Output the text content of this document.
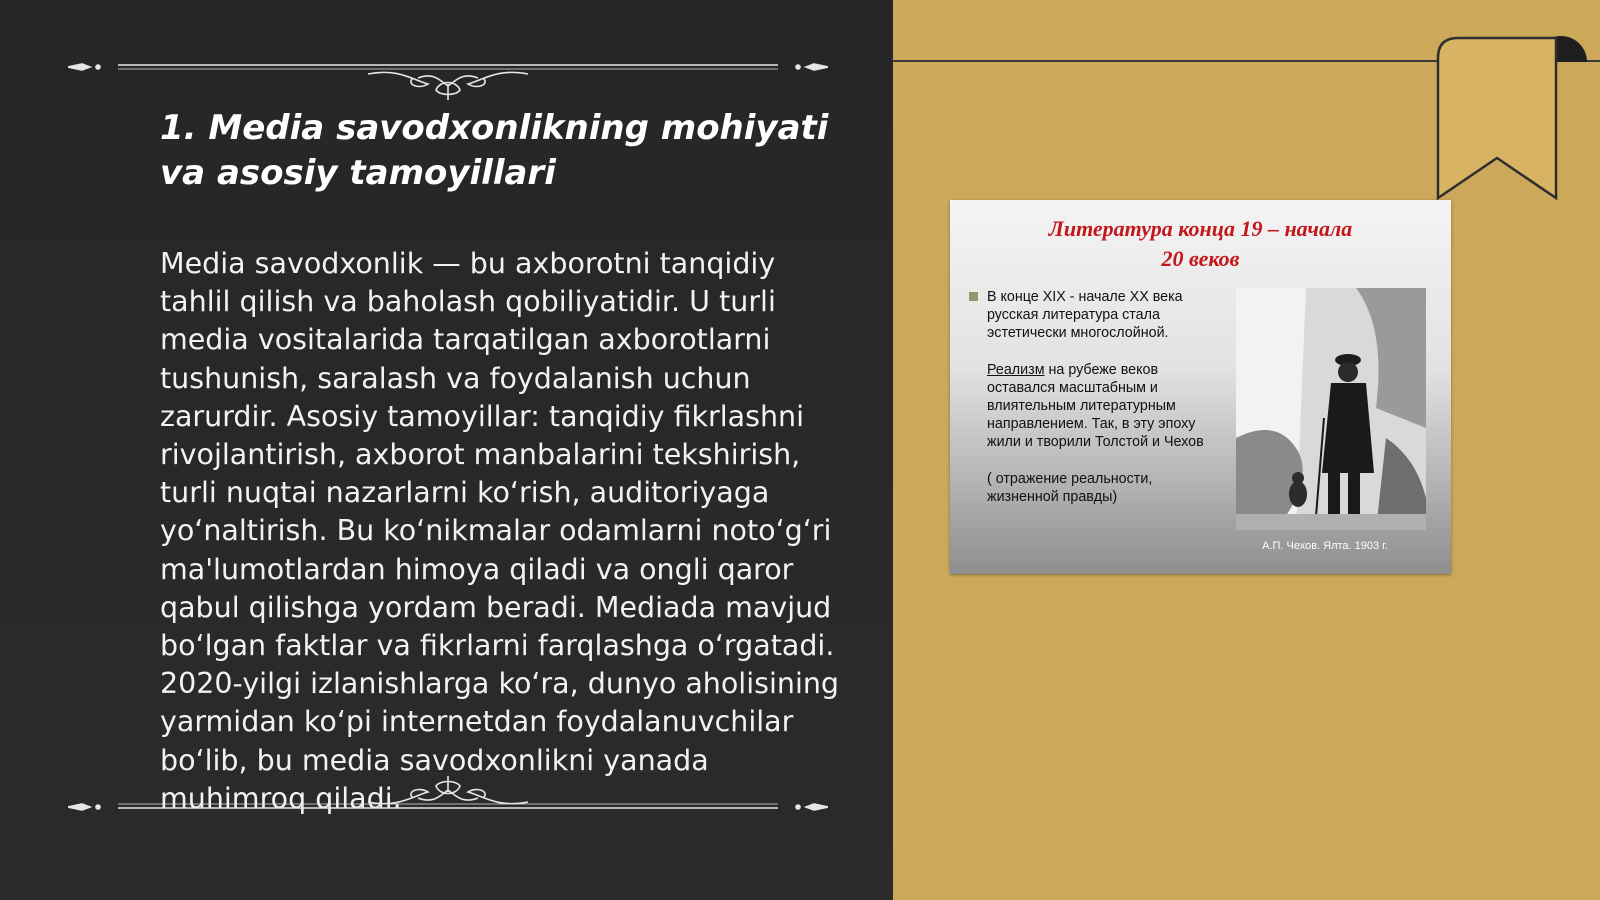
1. Media savodxonlikning mohiyati va asosiy tamoyillari

Media savodxonlik — bu axborotni tanqidiy tahlil qilish va baholash qobiliyatidir. U turli media vositalarida tarqatilgan axborotlarni tushunish, saralash va foydalanish uchun zarurdir. Asosiy tamoyillar: tanqidiy fikrlashni rivojlantirish, axborot manbalarini tekshirish, turli nuqtai nazarlarni ko‘rish, auditoriyaga yo‘naltirish. Bu ko‘nikmalar odamlarni noto‘g‘ri ma'lumotlardan himoya qiladi va ongli qaror qabul qilishga yordam beradi. Mediada mavjud bo‘lgan faktlar va fikrlarni farqlashga o‘rgatadi. 2020-yilgi izlanishlarga ko‘ra, dunyo aholisining yarmidan ko‘pi internetdan foydalanuvchilar bo‘lib, bu media savodxonlikni yanada muhimroq qiladi.

Литература конца 19 – начала
20 веков

В конце XIX - начале XX века русская литература стала эстетически многослойной.

Реализм на рубеже веков оставался масштабным и влиятельным литературным направлением. Так, в эту эпоху жили и творили Толстой и Чехов

( отражение реальности, жизненной правды)

А.П. Чехов. Ялта. 1903 г.
